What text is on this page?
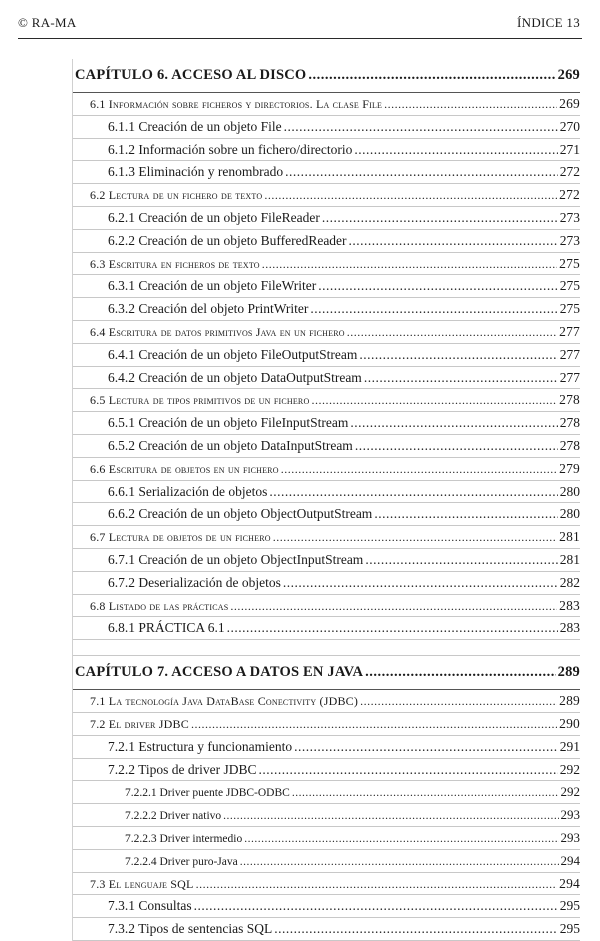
© RA-MA	ÍNDICE 13
CAPÍTULO 6. ACCESO AL DISCO .....	269
6.1 Información sobre ficheros y directorios. La clase File .....	269
6.1.1 Creación de un objeto File .....	270
6.1.2 Información sobre un fichero/directorio .....	271
6.1.3 Eliminación y renombrado .....	272
6.2 Lectura de un fichero de texto .....	272
6.2.1 Creación de un objeto FileReader .....	273
6.2.2 Creación de un objeto BufferedReader .....	273
6.3 Escritura en ficheros de texto .....	275
6.3.1 Creación de un objeto FileWriter .....	275
6.3.2 Creación del objeto PrintWriter .....	275
6.4 Escritura de datos primitivos Java en un fichero .....	277
6.4.1 Creación de un objeto FileOutputStream .....	277
6.4.2 Creación de un objeto DataOutputStream .....	277
6.5 Lectura de tipos primitivos de un fichero .....	278
6.5.1 Creación de un objeto FileInputStream .....	278
6.5.2 Creación de un objeto DataInputStream .....	278
6.6 Escritura de objetos en un fichero .....	279
6.6.1 Serialización de objetos .....	280
6.6.2 Creación de un objeto ObjectOutputStream .....	280
6.7 Lectura de objetos de un fichero .....	281
6.7.1 Creación de un objeto ObjectInputStream .....	281
6.7.2 Deserialización de objetos .....	282
6.8 Listado de las prácticas .....	283
6.8.1 PRÁCTICA 6.1 .....	283
CAPÍTULO 7. ACCESO A DATOS EN JAVA .....	289
7.1 La tecnología Java DataBase Conectivity (JDBC) .....	289
7.2 El driver JDBC .....	290
7.2.1 Estructura y funcionamiento .....	291
7.2.2 Tipos de driver JDBC .....	292
7.2.2.1 Driver puente JDBC-ODBC .....	292
7.2.2.2 Driver nativo .....	293
7.2.2.3 Driver intermedio .....	293
7.2.2.4 Driver puro-Java .....	294
7.3 El lenguaje SQL .....	294
7.3.1 Consultas .....	295
7.3.2 Tipos de sentencias SQL .....	295
